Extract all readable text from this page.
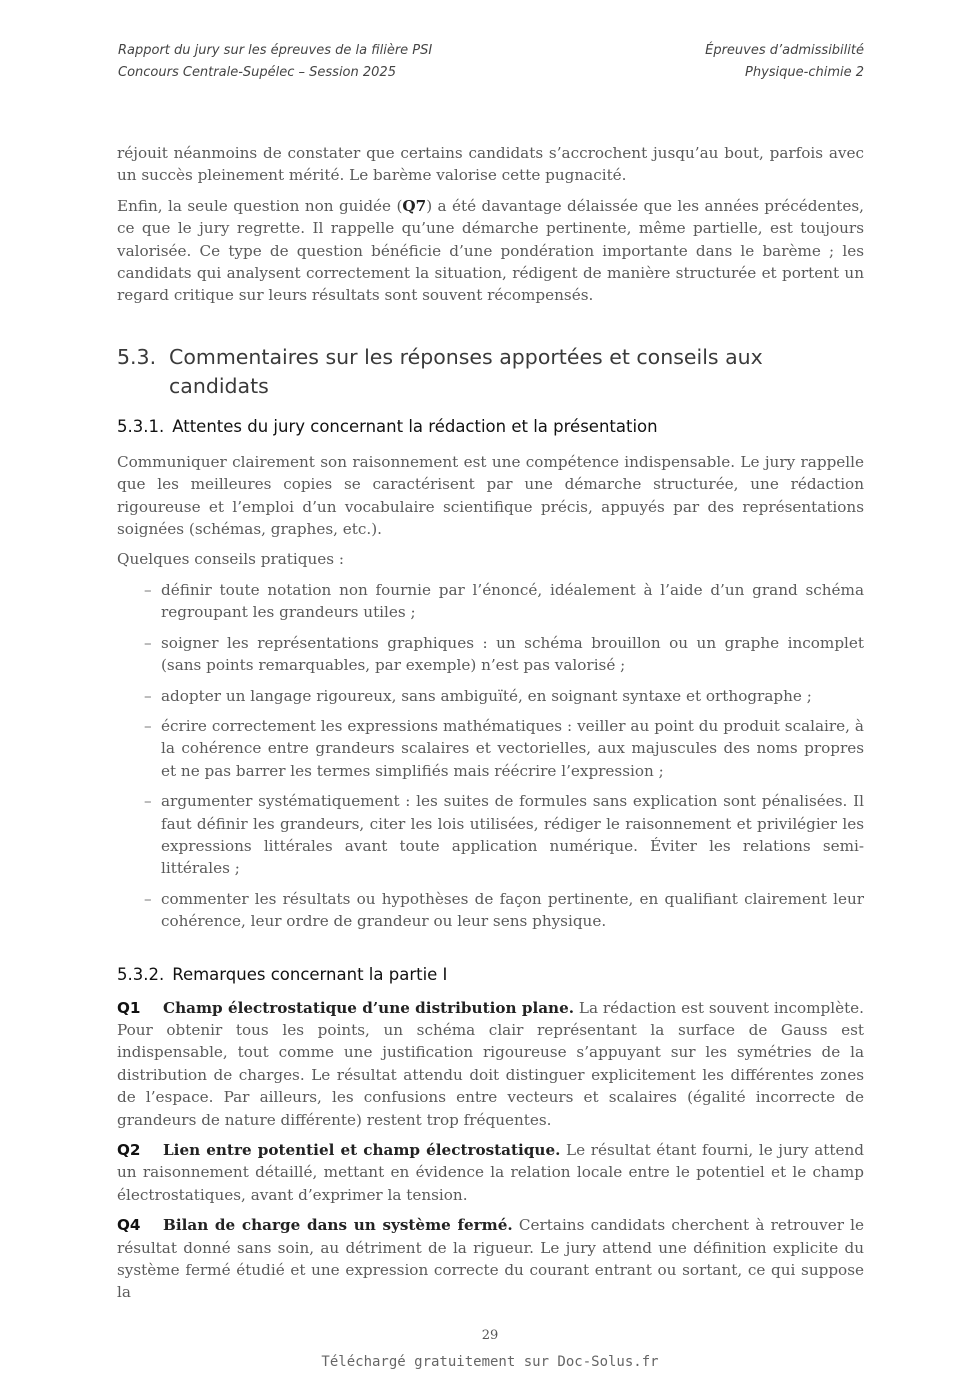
Rapport du jury sur les épreuves de la filière PSI
Concours Centrale-Supélec – Session 2025
Épreuves d’admissibilité
Physique-chimie 2

réjouit néanmoins de constater que certains candidats s’accrochent jusqu’au bout, parfois avec un succès pleinement mérité. Le barème valorise cette pugnacité.

Enfin, la seule question non guidée (Q7) a été davantage délaissée que les années précédentes, ce que le jury regrette. Il rappelle qu’une démarche pertinente, même partielle, est toujours valorisée. Ce type de question bénéficie d’une pondération importante dans le barème ; les candidats qui analysent correctement la situation, rédigent de manière structurée et portent un regard critique sur leurs résultats sont souvent récompensés.

5.3. Commentaires sur les réponses apportées et conseils aux candidats
5.3.1. Attentes du jury concernant la rédaction et la présentation

Communiquer clairement son raisonnement est une compétence indispensable. Le jury rappelle que les meilleures copies se caractérisent par une démarche structurée, une rédaction rigoureuse et l’emploi d’un vocabulaire scientifique précis, appuyés par des représentations soignées (schémas, graphes, etc.).

Quelques conseils pratiques :

– définir toute notation non fournie par l’énoncé, idéalement à l’aide d’un grand schéma regroupant les grandeurs utiles ;
– soigner les représentations graphiques : un schéma brouillon ou un graphe incomplet (sans points remarquables, par exemple) n’est pas valorisé ;
– adopter un langage rigoureux, sans ambiguïté, en soignant syntaxe et orthographe ;
– écrire correctement les expressions mathématiques : veiller au point du produit scalaire, à la cohérence entre grandeurs scalaires et vectorielles, aux majuscules des noms propres et ne pas barrer les termes simplifiés mais réécrire l’expression ;
– argumenter systématiquement : les suites de formules sans explication sont pénalisées. Il faut définir les grandeurs, citer les lois utilisées, rédiger le raisonnement et privilégier les expressions littérales avant toute application numérique. Éviter les relations semi-littérales ;
– commenter les résultats ou hypothèses de façon pertinente, en qualifiant clairement leur cohérence, leur ordre de grandeur ou leur sens physique.
5.3.2. Remarques concernant la partie I

Q1 Champ électrostatique d’une distribution plane. La rédaction est souvent incomplète. Pour obtenir tous les points, un schéma clair représentant la surface de Gauss est indispensable, tout comme une justification rigoureuse s’appuyant sur les symétries de la distribution de charges. Le résultat attendu doit distinguer explicitement les différentes zones de l’espace. Par ailleurs, les confusions entre vecteurs et scalaires (égalité incorrecte de grandeurs de nature différente) restent trop fréquentes.

Q2 Lien entre potentiel et champ électrostatique. Le résultat étant fourni, le jury attend un raisonnement détaillé, mettant en évidence la relation locale entre le potentiel et le champ électrostatiques, avant d’exprimer la tension.

Q4 Bilan de charge dans un système fermé. Certains candidats cherchent à retrouver le résultat donné sans soin, au détriment de la rigueur. Le jury attend une définition explicite du système fermé étudié et une expression correcte du courant entrant ou sortant, ce qui suppose la

29
Téléchargé gratuitement sur Doc-Solus.fr
